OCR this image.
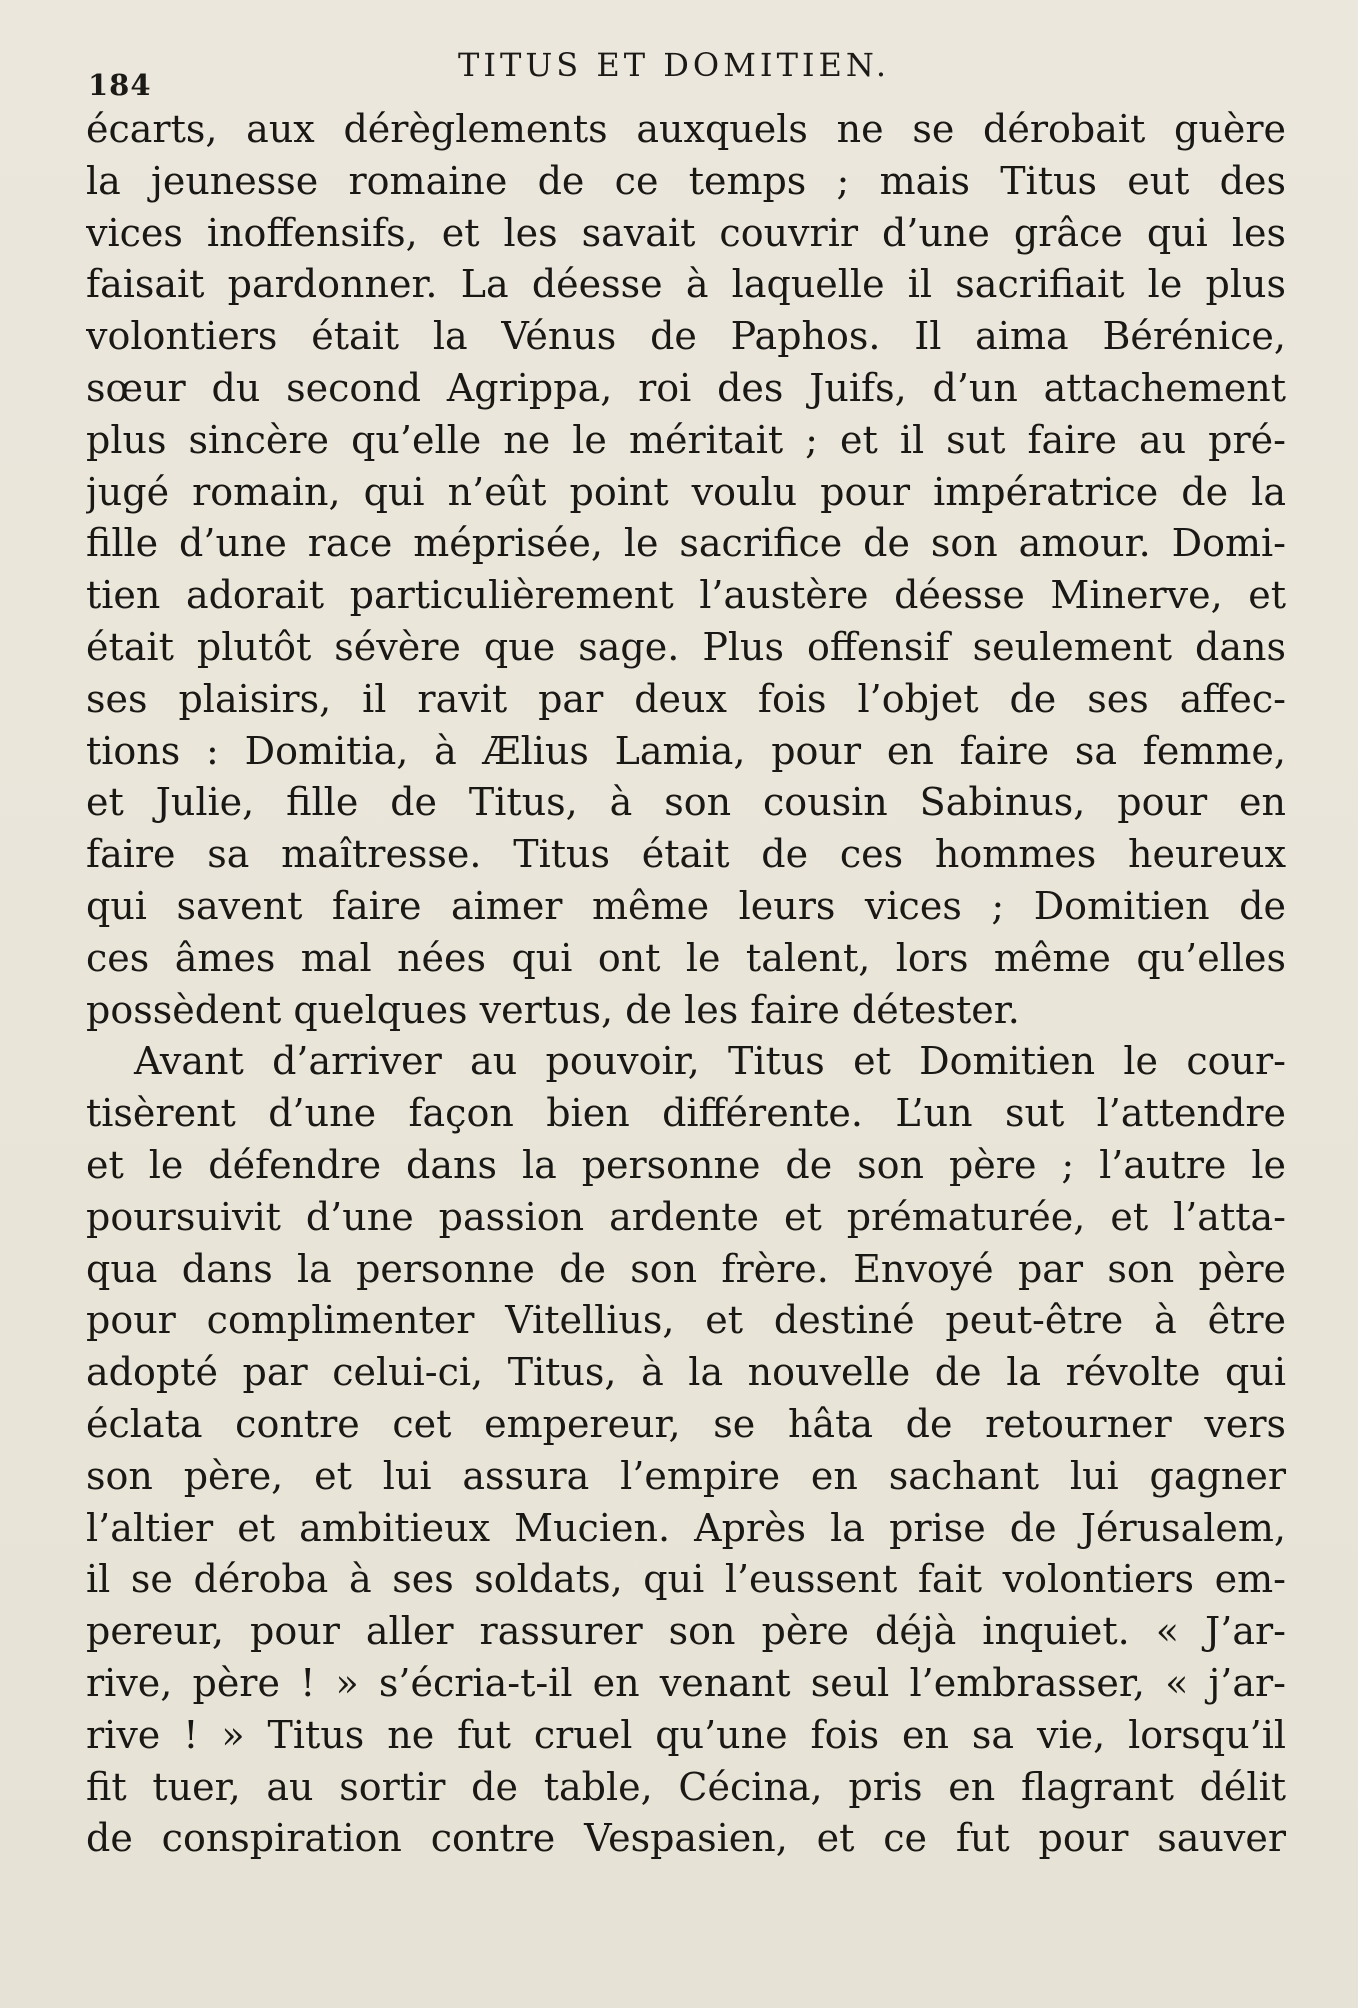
184
TITUS ET DOMITIEN.
écarts, aux dérèglements auxquels ne se dérobait guère
la jeunesse romaine de ce temps ; mais Titus eut des
vices inoffensifs, et les savait couvrir d’une grâce qui les
faisait pardonner. La déesse à laquelle il sacrifiait le plus
volontiers était la Vénus de Paphos. Il aima Bérénice,
sœur du second Agrippa, roi des Juifs, d’un attachement
plus sincère qu’elle ne le méritait ; et il sut faire au pré-
jugé romain, qui n’eût point voulu pour impératrice de la
fille d’une race méprisée, le sacrifice de son amour. Domi-
tien adorait particulièrement l’austère déesse Minerve, et
était plutôt sévère que sage. Plus offensif seulement dans
ses plaisirs, il ravit par deux fois l’objet de ses affec-
tions : Domitia, à Ælius Lamia, pour en faire sa femme,
et Julie, fille de Titus, à son cousin Sabinus, pour en
faire sa maîtresse. Titus était de ces hommes heureux
qui savent faire aimer même leurs vices ; Domitien de
ces âmes mal nées qui ont le talent, lors même qu’elles
possèdent quelques vertus, de les faire détester.
Avant d’arriver au pouvoir, Titus et Domitien le cour-
tisèrent d’une façon bien différente. L’un sut l’attendre
et le défendre dans la personne de son père ; l’autre le
poursuivit d’une passion ardente et prématurée, et l’atta-
qua dans la personne de son frère. Envoyé par son père
pour complimenter Vitellius, et destiné peut-être à être
adopté par celui-ci, Titus, à la nouvelle de la révolte qui
éclata contre cet empereur, se hâta de retourner vers
son père, et lui assura l’empire en sachant lui gagner
l’altier et ambitieux Mucien. Après la prise de Jérusalem,
il se déroba à ses soldats, qui l’eussent fait volontiers em-
pereur, pour aller rassurer son père déjà inquiet. « J’ar-
rive, père ! » s’écria-t-il en venant seul l’embrasser, « j’ar-
rive ! » Titus ne fut cruel qu’une fois en sa vie, lorsqu’il
fit tuer, au sortir de table, Cécina, pris en flagrant délit
de conspiration contre Vespasien, et ce fut pour sauver
